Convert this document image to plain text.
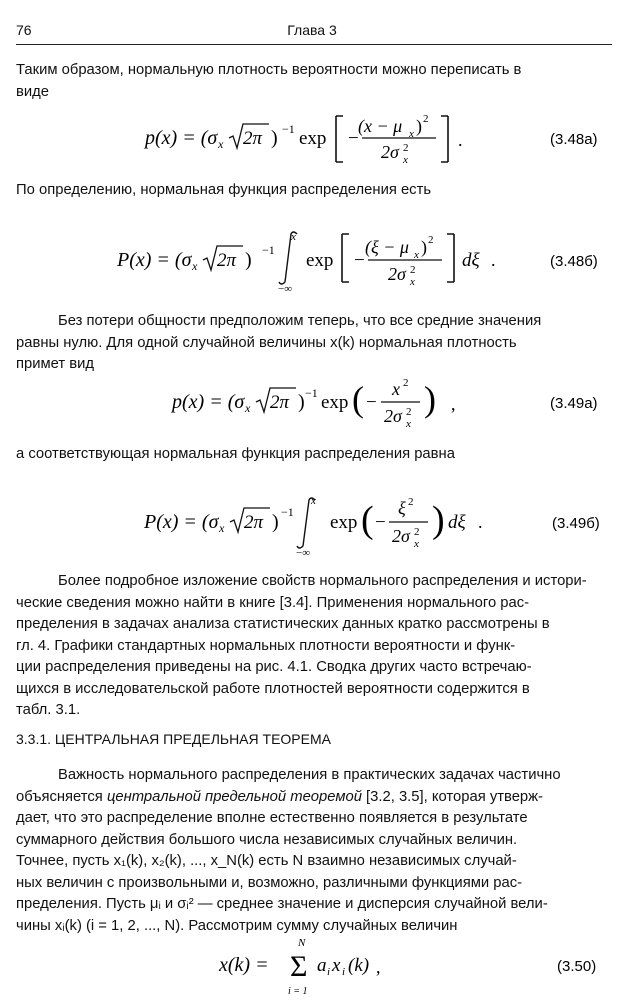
76	Глава 3
Таким образом, нормальную плотность вероятности можно переписать в
виде
p(x) = (σ x 2π ) −1 exp −
(x − μ x ) 2
2σ x
2	.	(3.48а)
По определению, нормальная функция распределения есть
P(x) = (σ x 2π ) −1
x
−∞
exp −
(ξ − μ x ) 2
2σ x
2 dξ .	(3.48б)
Без потери общности предположим теперь, что все средние значения
равны нулю. Для одной случайной величины x(k) нормальная плотность
примет вид
p(x) = (σ x 2π ) −1 exp ( −
x 2
2σ x
2 ) ,	(3.49а)
а соответствующая нормальная функция распределения равна
P(x) = (σ x 2π ) −1
x
−∞
exp ( −
ξ 2
2σ x
2 ) dξ .	(3.49б)
Более подробное изложение свойств нормального распределения и истори-
ческие сведения можно найти в книге [3.4]. Применения нормального рас-
пределения в задачах анализа статистических данных кратко рассмотрены в
гл. 4. Графики стандартных нормальных плотности вероятности и функ-
ции распределения приведены на рис. 4.1. Сводка других часто встречаю-
щихся в исследовательской работе плотностей вероятности содержится в
табл. 3.1.
3.3.1. ЦЕНТРАЛЬНАЯ ПРЕДЕЛЬНАЯ ТЕОРЕМА
Важность нормального распределения в практических задачах частично
объясняется центральной предельной теоремой [3.2, 3.5], которая утверж-
дает, что это распределение вполне естественно появляется в результате
суммарного действия большого числа независимых случайных величин.
Точнее, пусть x₁(k), x₂(k), ..., x_N(k) есть N взаимно независимых случай-
ных величин с произвольными и, возможно, различными функциями рас-
пределения. Пусть μᵢ и σᵢ² — среднее значение и дисперсия случайной вели-
чины xᵢ(k) (i = 1, 2, ..., N). Рассмотрим сумму случайных величин
x(k) =
N
Σ
i = 1
a i x i (k) ,	(3.50)
